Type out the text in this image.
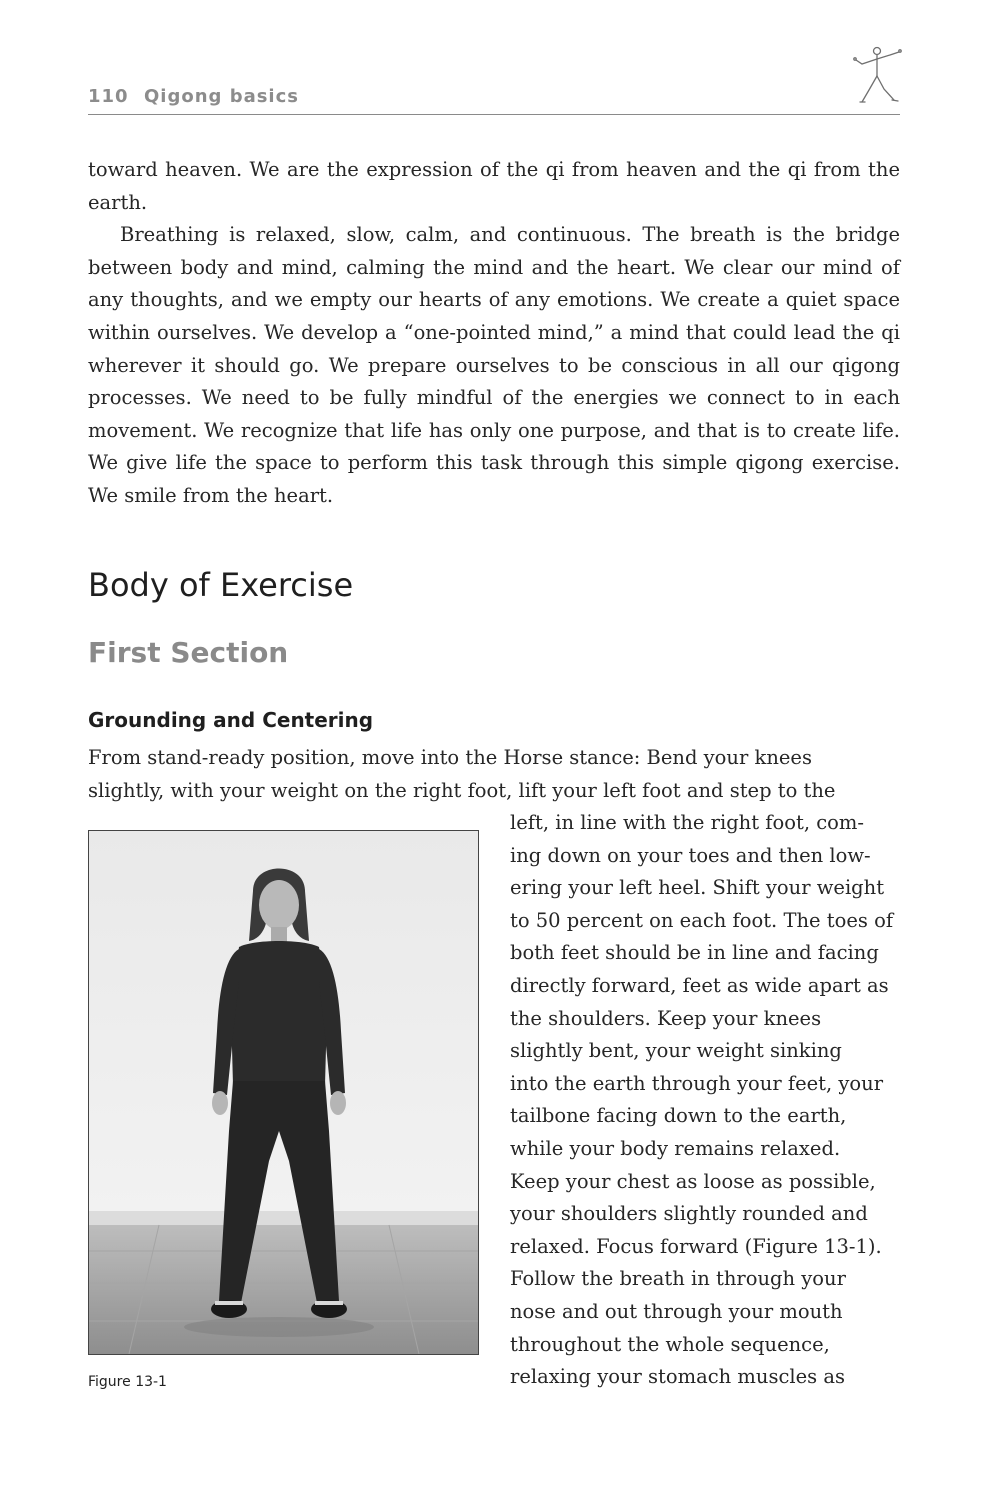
110 Qigong basics

toward heaven. We are the expression of the qi from heaven and the qi from the earth.

Breathing is relaxed, slow, calm, and continuous. The breath is the bridge between body and mind, calming the mind and the heart. We clear our mind of any thoughts, and we empty our hearts of any emotions. We create a quiet space within ourselves. We develop a “one-pointed mind,” a mind that could lead the qi wherever it should go. We prepare ourselves to be conscious in all our qigong processes. We need to be fully mindful of the energies we connect to in each movement. We recognize that life has only one purpose, and that is to create life. We give life the space to perform this task through this simple qigong exercise. We smile from the heart.

Body of Exercise
First Section
Grounding and Centering
From stand-ready position, move into the Horse stance: Bend your knees
slightly, with your weight on the right foot, lift your left foot and step to the
left, in line with the right foot, com-
ing down on your toes and then low-
ering your left heel. Shift your weight
to 50 percent on each foot. The toes of
both feet should be in line and facing
directly forward, feet as wide apart as
the shoulders. Keep your knees
slightly bent, your weight sinking
into the earth through your feet, your
tailbone facing down to the earth,
while your body remains relaxed.
Keep your chest as loose as possible,
your shoulders slightly rounded and
relaxed. Focus forward (Figure 13-1).
Follow the breath in through your
nose and out through your mouth
throughout the whole sequence,
relaxing your stomach muscles as

Figure 13-1
